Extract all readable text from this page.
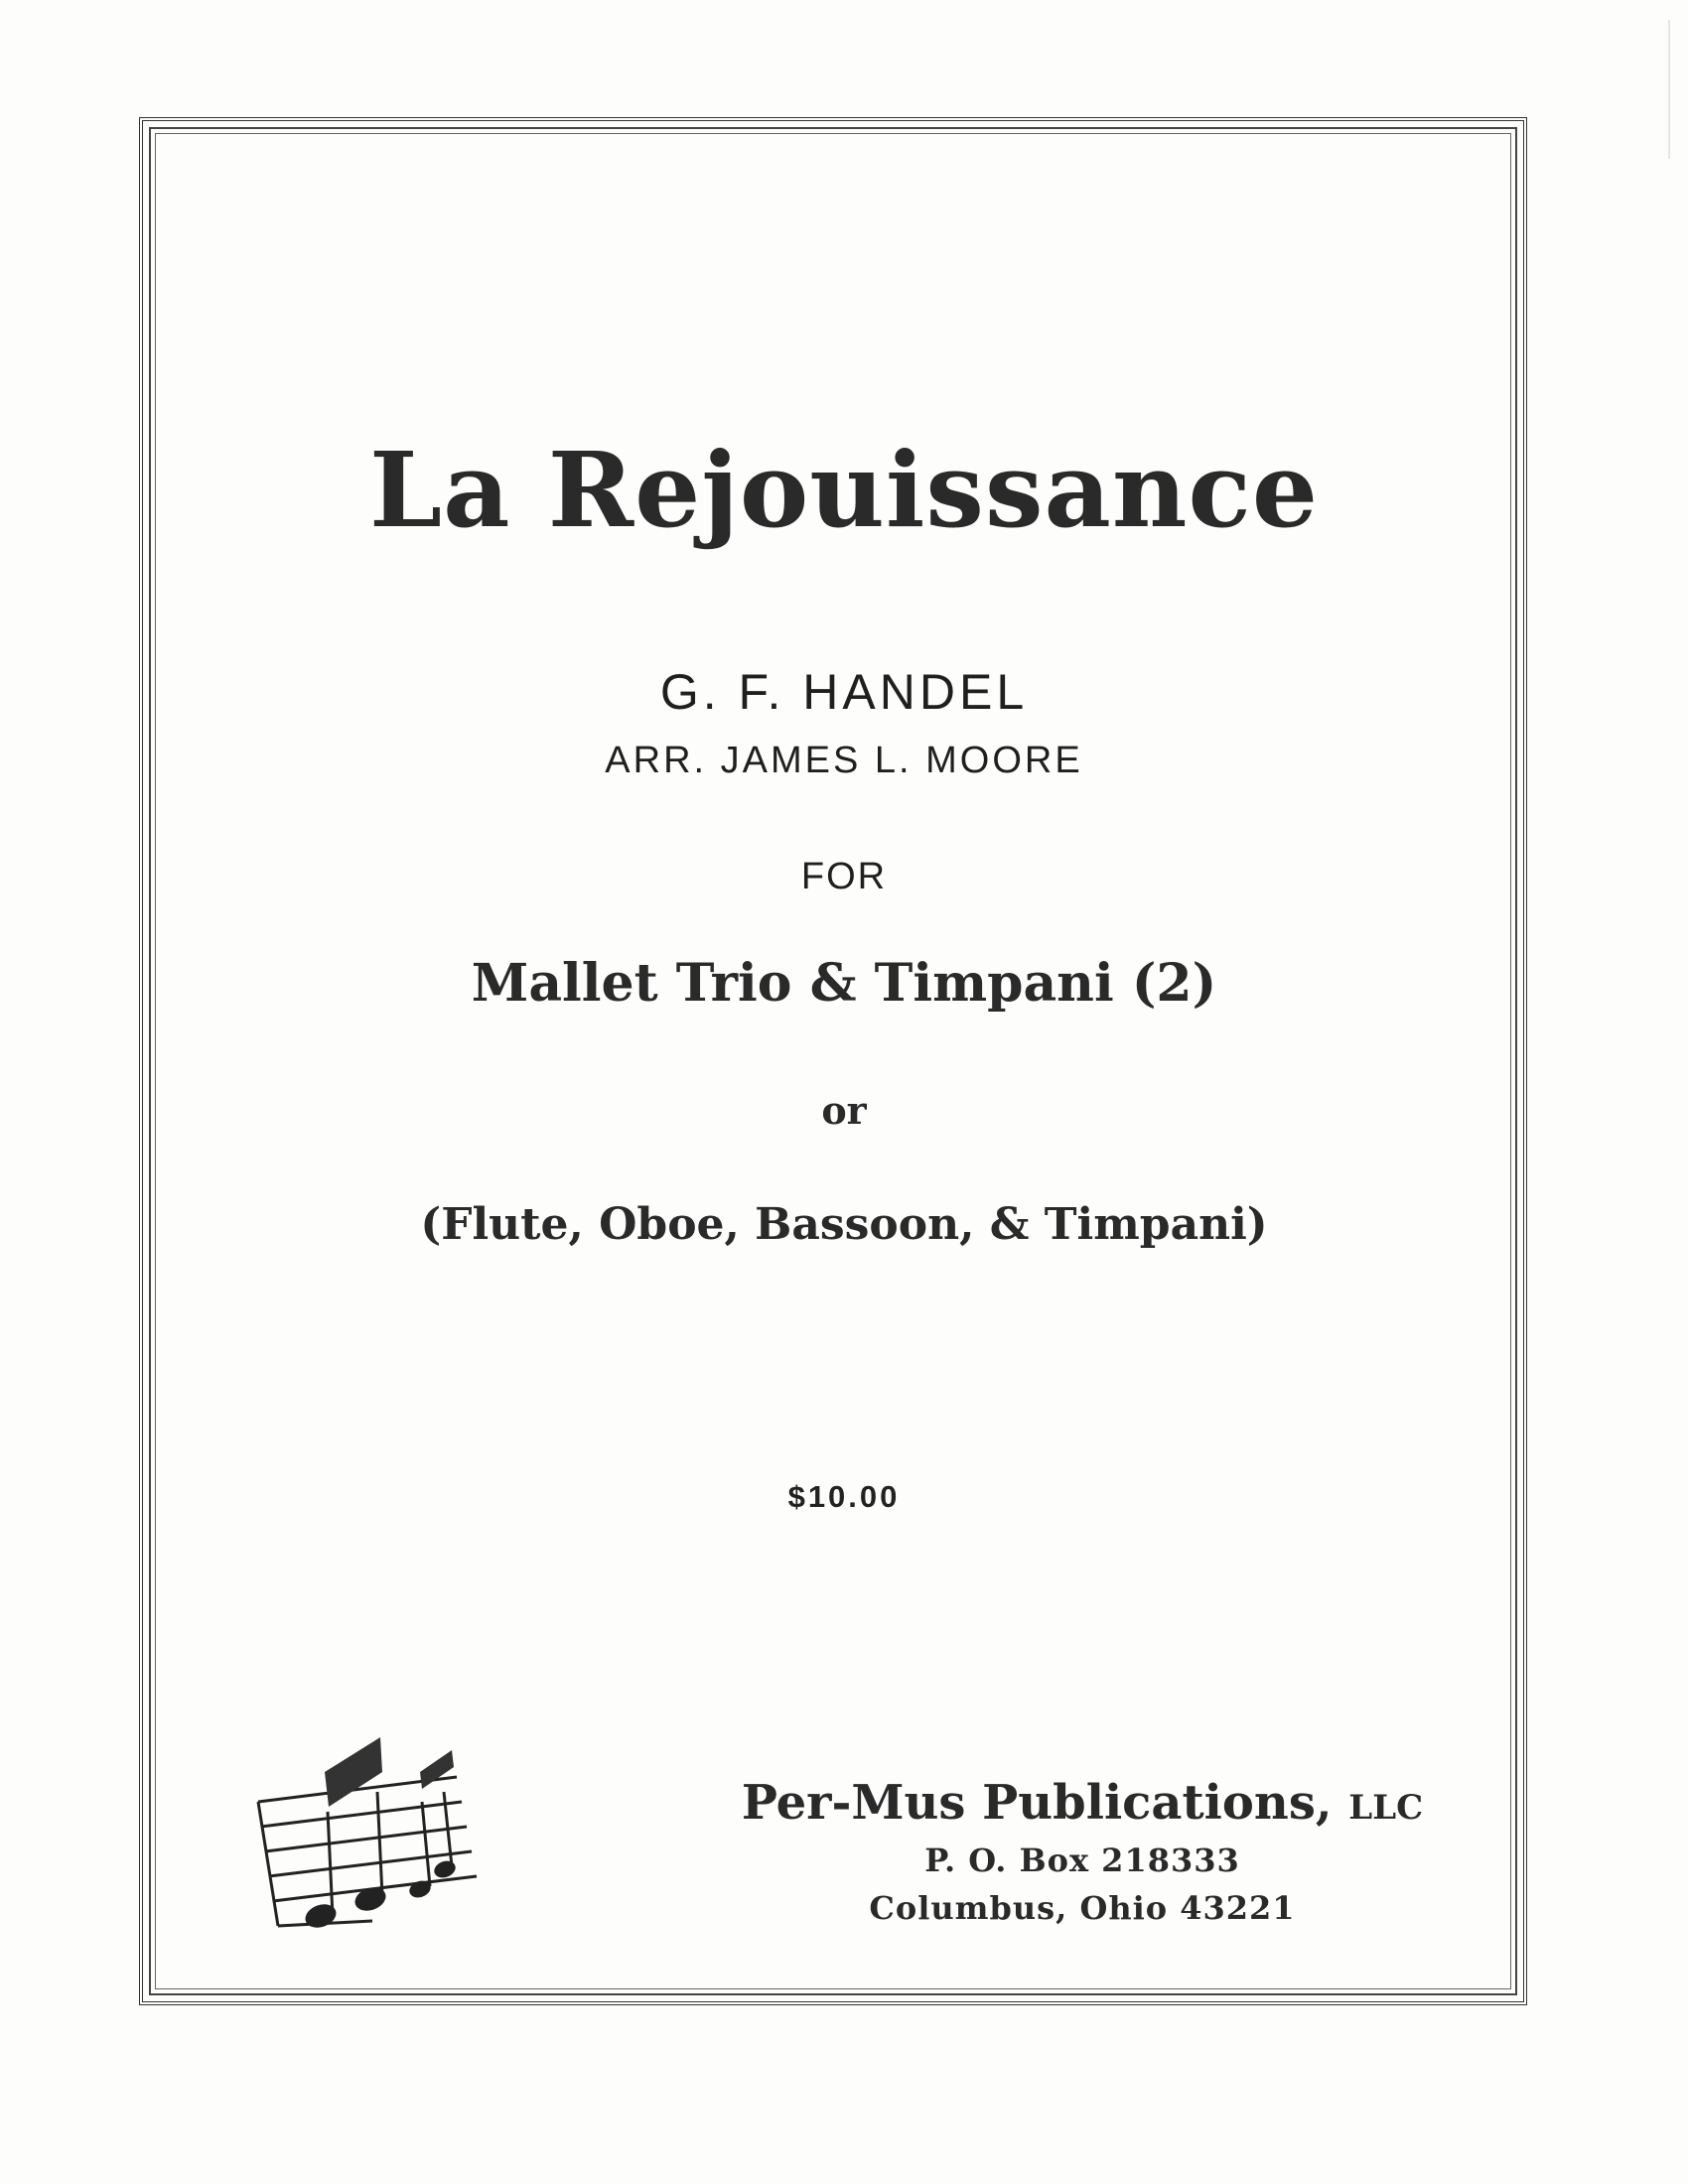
La Rejouissance
G. F. HANDEL
ARR. JAMES L. MOORE
FOR
Mallet Trio & Timpani (2)
or
(Flute, Oboe, Bassoon, & Timpani)
$10.00
Per-Mus Publications, LLC
P. O. Box 218333
Columbus, Ohio 43221
